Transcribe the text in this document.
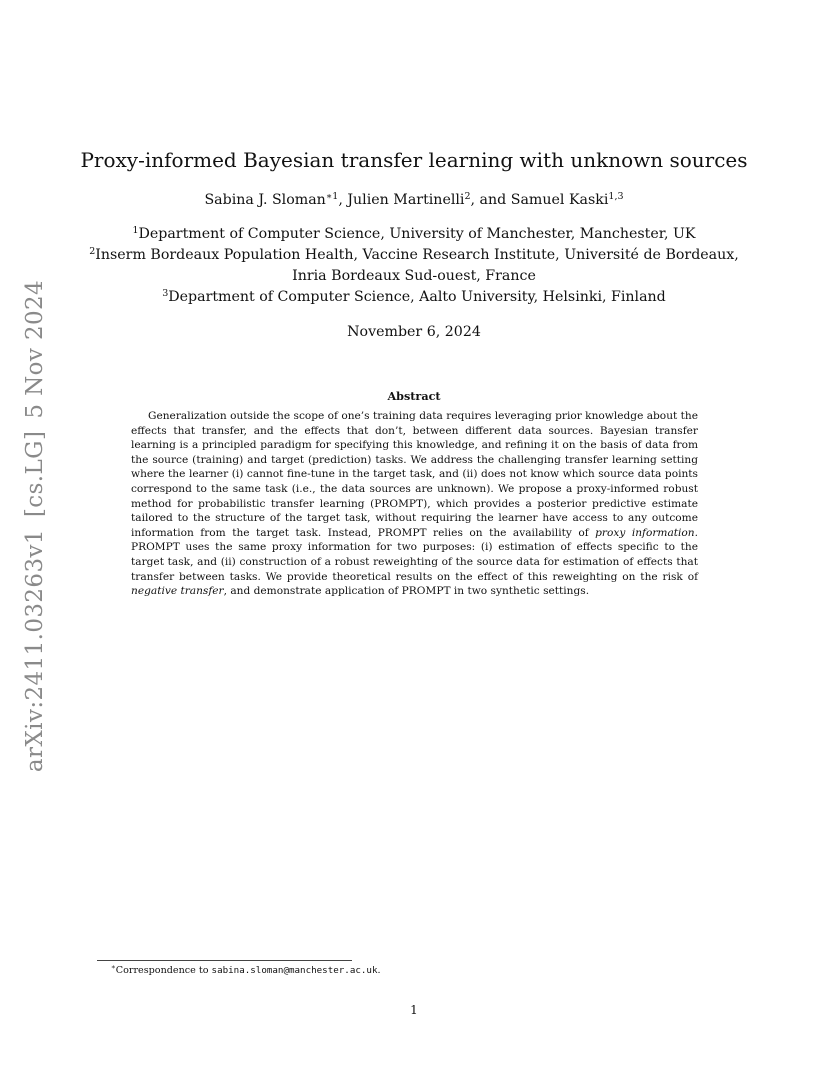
arXiv:2411.03263v1[cs.LG]5 Nov 2024
Proxy-informed Bayesian transfer learning with unknown sources
Sabina J. Sloman$^{∗1}$, Julien Martinelli$^2$, and Samuel Kaski$^{1,3}$
$^1$Department of Computer Science, University of Manchester, Manchester, UK
$^2$Inserm Bordeaux Population Health, Vaccine Research Institute, Université de Bordeaux,
Inria Bordeaux Sud-ouest, France
$^3$Department of Computer Science, Aalto University, Helsinki, Finland
November 6, 2024
Abstract

Generalization outside the scope of one’s training data requires leveraging prior knowledge about the effects that transfer, and the effects that don’t, between different data sources. Bayesian transfer learning is a principled paradigm for specifying this knowledge, and refining it on the basis of data from the source (training) and target (prediction) tasks. We address the challenging transfer learning setting where the learner (i) cannot fine-tune in the target task, and (ii) does not know which source data points correspond to the same task (i.e., the data sources are unknown). We propose a proxy-informed robust method for probabilistic transfer learning (PROMPT), which provides a posterior predictive estimate tailored to the structure of the target task, without requiring the learner have access to any outcome information from the target task. Instead, PROMPT relies on the availability of proxy information. PROMPT uses the same proxy information for two purposes: (i) estimation of effects specific to the target task, and (ii) construction of a robust reweighting of the source data for estimation of effects that transfer between tasks. We provide theoretical results on the effect of this reweighting on the risk of negative transfer, and demonstrate application of PROMPT in two synthetic settings.

∗Correspondence to sabina.sloman@manchester.ac.uk.
1
